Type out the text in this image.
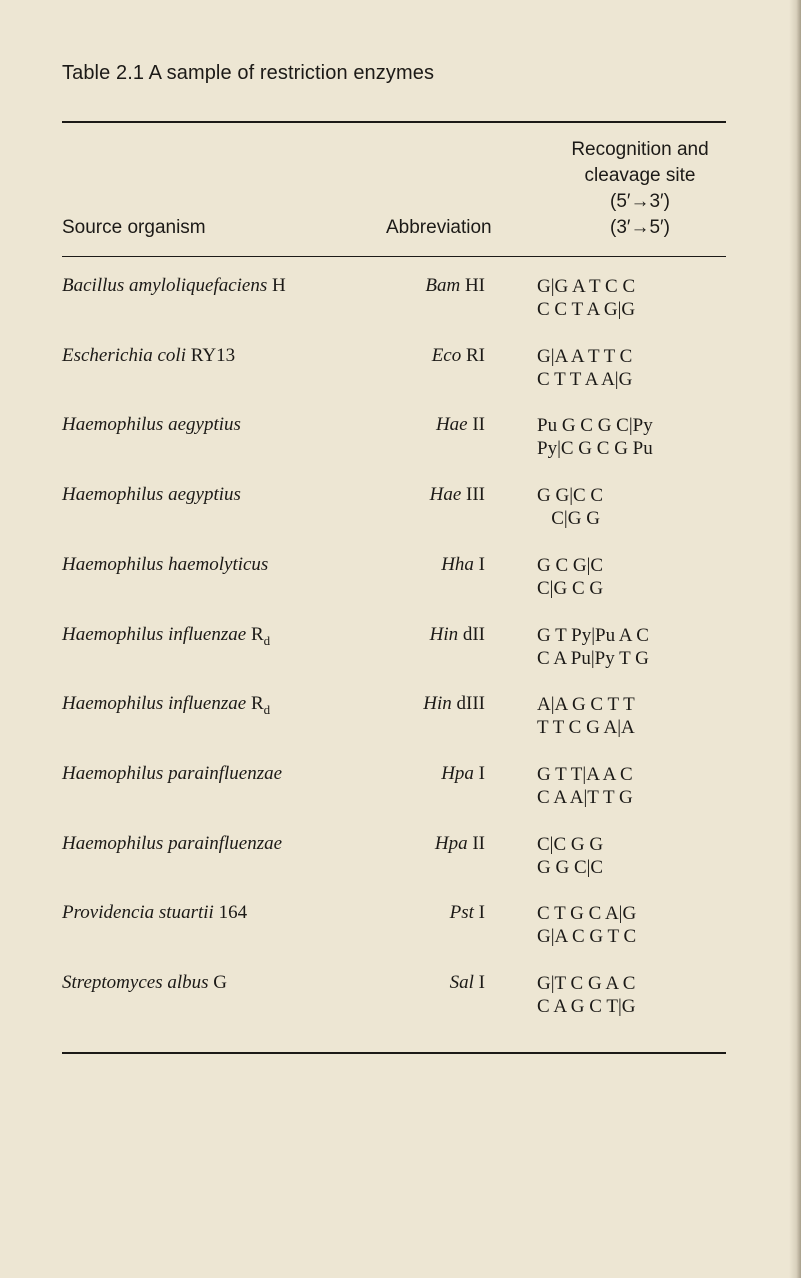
Table 2.1 A sample of restriction enzymes
Recognition and
cleavage site
(5′→3′)
(3′→5′)
Source organism	Abbreviation
Bacillus amyloliquefaciens H	Bam HI	G|G A T C C
C C T A G|G
Escherichia coli RY13	Eco RI	G|A A T T C
C T T A A|G
Haemophilus aegyptius	Hae II	Pu G C G C|Py
Py|C G C G Pu
Haemophilus aegyptius	Hae III	G G|C C
C|G G
Haemophilus haemolyticus	Hha I	G C G|C
C|G C G
Haemophilus influenzae $R_d$	Hin dII	G T Py|Pu A C
C A Pu|Py T G
Haemophilus influenzae $R_d$	Hin dIII	A|A G C T T
T T C G A|A
Haemophilus parainfluenzae	Hpa I	G T T|A A C
C A A|T T G
Haemophilus parainfluenzae	Hpa II	C|C G G
G G C|C
Providencia stuartii 164	Pst I	C T G C A|G
G|A C G T C
Streptomyces albus G	Sal I	G|T C G A C
C A G C T|G
